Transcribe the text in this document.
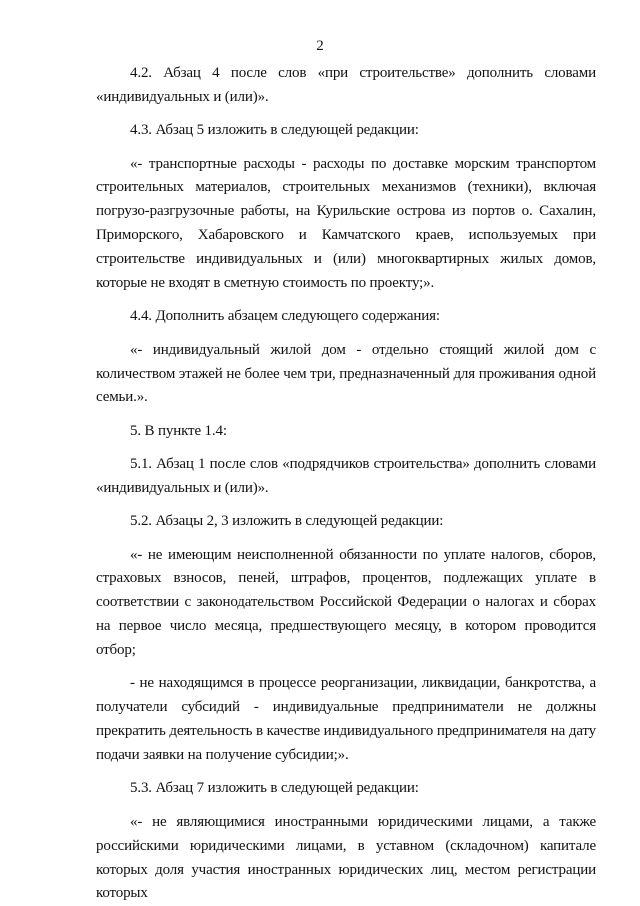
2

4.2. Абзац 4 после слов «при строительстве» дополнить словами «индивидуальных и (или)».

4.3. Абзац 5 изложить в следующей редакции:

«- транспортные расходы - расходы по доставке морским транспортом строительных материалов, строительных механизмов (техники), включая погрузо-разгрузочные работы, на Курильские острова из портов о. Сахалин, Приморского, Хабаровского и Камчатского краев, используемых при строительстве индивидуальных и (или) многоквартирных жилых домов, которые не входят в сметную стоимость по проекту;».

4.4. Дополнить абзацем следующего содержания:

«- индивидуальный жилой дом - отдельно стоящий жилой дом с количеством этажей не более чем три, предназначенный для проживания одной семьи.».

5. В пункте 1.4:

5.1. Абзац 1 после слов «подрядчиков строительства» дополнить словами «индивидуальных и (или)».

5.2. Абзацы 2, 3 изложить в следующей редакции:

«- не имеющим неисполненной обязанности по уплате налогов, сборов, страховых взносов, пеней, штрафов, процентов, подлежащих уплате в соответствии с законодательством Российской Федерации о налогах и сборах на первое число месяца, предшествующего месяцу, в котором проводится отбор;

- не находящимся в процессе реорганизации, ликвидации, банкротства, а получатели субсидий - индивидуальные предприниматели не должны прекратить деятельность в качестве индивидуального предпринимателя на дату подачи заявки на получение субсидии;».

5.3. Абзац 7 изложить в следующей редакции:

«- не являющимися иностранными юридическими лицами, а также российскими юридическими лицами, в уставном (складочном) капитале которых доля участия иностранных юридических лиц, местом регистрации которых
